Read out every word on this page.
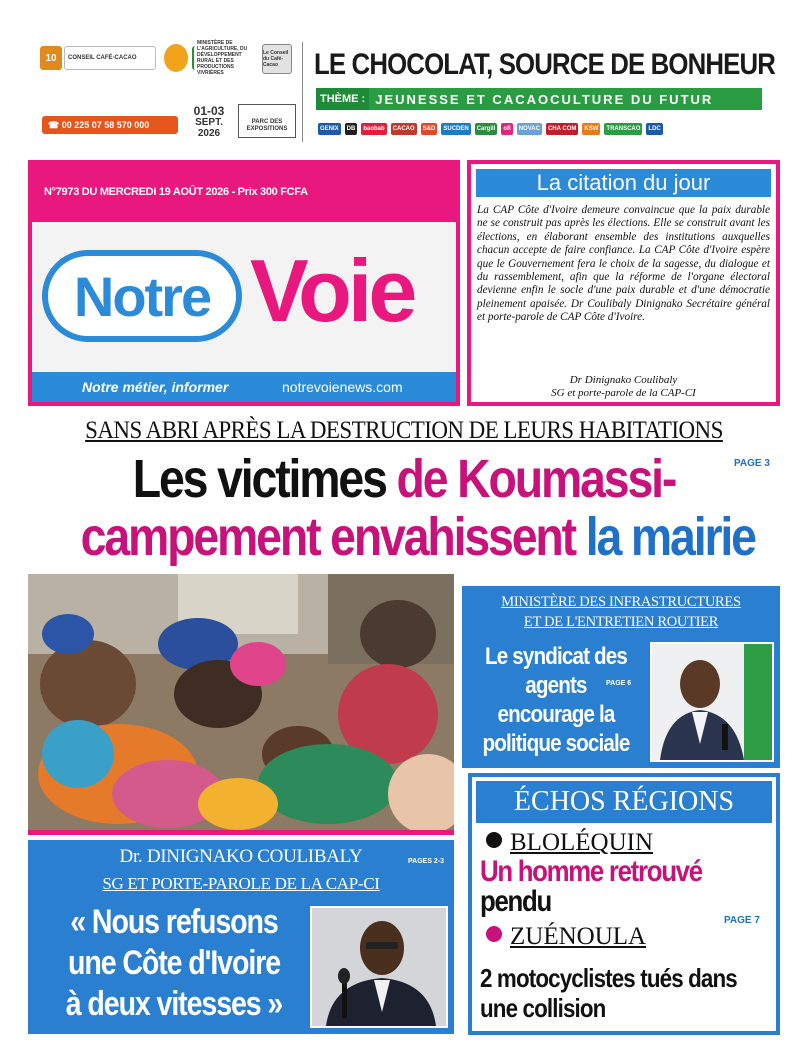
10	CONSEIL CAFÉ-CACAO
MINISTÈRE DE L'AGRICULTURE, DU DÉVELOPPEMENT RURAL ET DES PRODUCTIONS VIVRIÈRES
Le Conseil du Café-Cacao
☎ 00 225 07 58 570 000
01-03
SEPT. 2026
PARC DES EXPOSITIONS
LE CHOCOLAT, SOURCE DE BONHEUR
THÈME : JEUNESSE ET CACAOCULTURE DU FUTUR
GENIX	DB	baobab	CACAO	S&D	SUCDEN	Cargill	ofi	NOVAC	CHA COM	KSW	TRANSCAO	LDC
N°7973 DU MERCREDI 19 AOÛT 2026 - Prix 300 FCFA
Notre Voie
Notre métier, informer	notrevoienews.com
La citation du jour
La CAP Côte d'Ivoire demeure convaincue que la paix durable ne se construit pas après les élections. Elle se construit avant les élections, en élaborant ensemble des institutions auxquelles chacun accepte de faire confiance. La CAP Côte d'Ivoire espère que le Gouvernement fera le choix de la sagesse, du dialogue et du rassemblement, afin que la réforme de l'organe électoral devienne enfin le socle d'une paix durable et d'une démocratie pleinement apaisée. Dr Coulibaly Dinignako Secrétaire général et porte-parole de CAP Côte d'Ivoire.
Dr Dinignako Coulibaly
SG et porte-parole de la CAP-CI
SANS ABRI APRÈS LA DESTRUCTION DE LEURS HABITATIONS
Les victimes de Koumassi-
campement envahissent la mairie
PAGE 3
MINISTÈRE DES INFRASTRUCTURES
ET DE L'ENTRETIEN ROUTIER
Le syndicat des
agents
encourage la
politique sociale
PAGE 6
ÉCHOS RÉGIONS
BLOLÉQUIN
Un homme retrouvé
pendu
PAGE 7
ZUÉNOULA
2 motocyclistes tués dans
une collision
Dr. DINIGNAKO COULIBALY	PAGES 2-3
SG ET PORTE-PAROLE DE LA CAP-CI
« Nous refusons
une Côte d'Ivoire
à deux vitesses »
